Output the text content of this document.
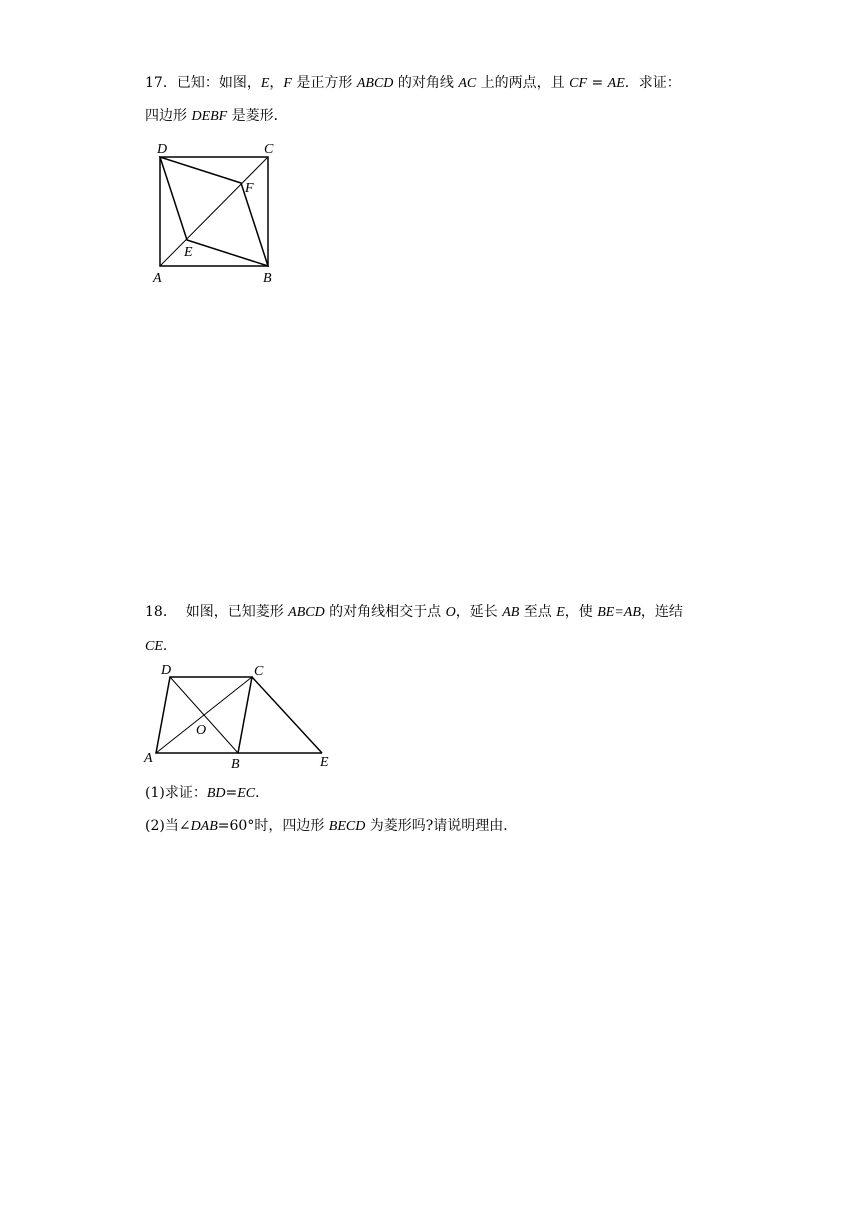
17．已知：如图，E，F 是正方形 ABCD 的对角线 AC 上的两点，且 CF = AE．求证：
四边形 DEBF 是菱形．
D	C
F
E
A	B
18．  如图，已知菱形 ABCD 的对角线相交于点 O，延长 AB 至点 E，使 BE=AB，连结
CE．
D	C
O
A	B	E
(1)求证：BD=EC．
(2)当∠DAB=60°时，四边形 BECD 为菱形吗?请说明理由．
